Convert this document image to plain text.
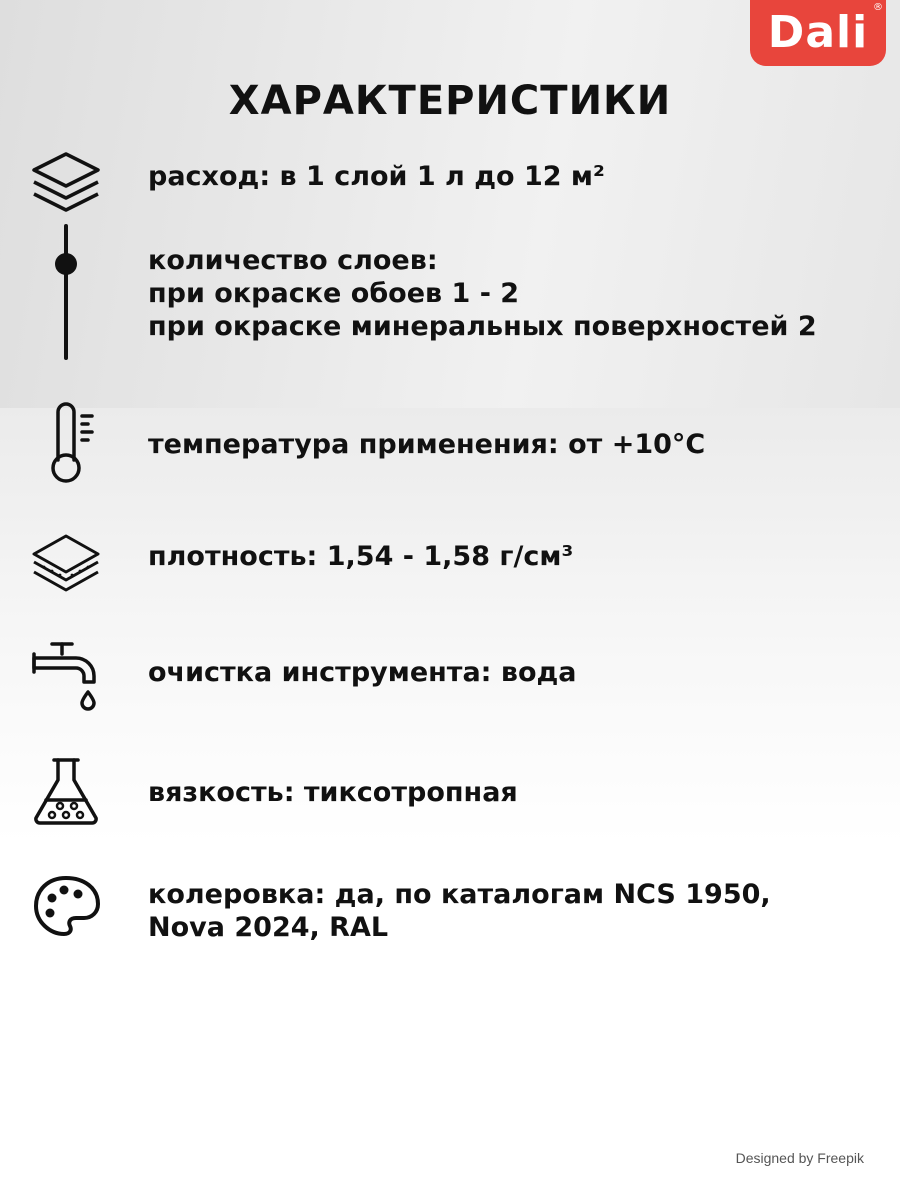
Dali ®
ХАРАКТЕРИСТИКИ
расход: в 1 слой 1 л до 12 м²
количество слоев:
при окраске обоев 1 - 2
при окраске минеральных поверхностей 2
температура применения: от +10°C
плотность: 1,54 - 1,58 г/см³
очистка инструмента: вода
вязкость: тиксотропная
колеровка: да, по каталогам NCS 1950,
Nova 2024, RAL
Designed by Freepik
